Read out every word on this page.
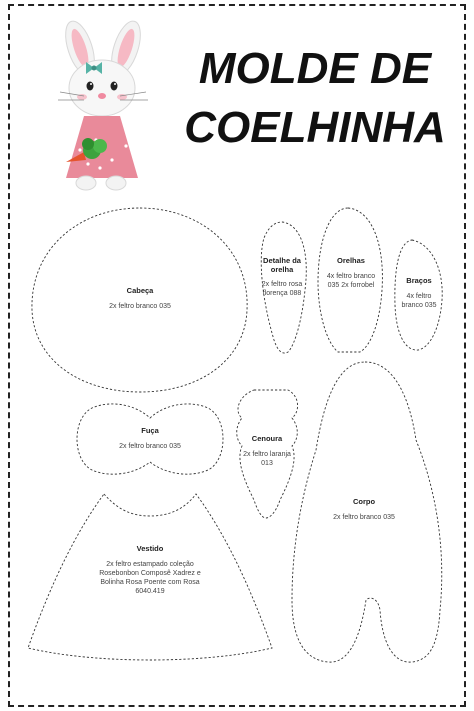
MOLDE DE
COELHINHA
Cabeça
2x feltro branco 035
Detalhe da orelha
2x feltro rosa florença 088
Orelhas
4x feltro branco 035 2x forrobel
Braços
4x feltro branco 035
Fuça
2x feltro branco 035
Cenoura
2x feltro laranja 013
Corpo
2x feltro branco 035
Vestido
2x feltro estampado coleção Rosebonbon Composê Xadrez e Bolinha Rosa Poente com Rosa 6040.419
